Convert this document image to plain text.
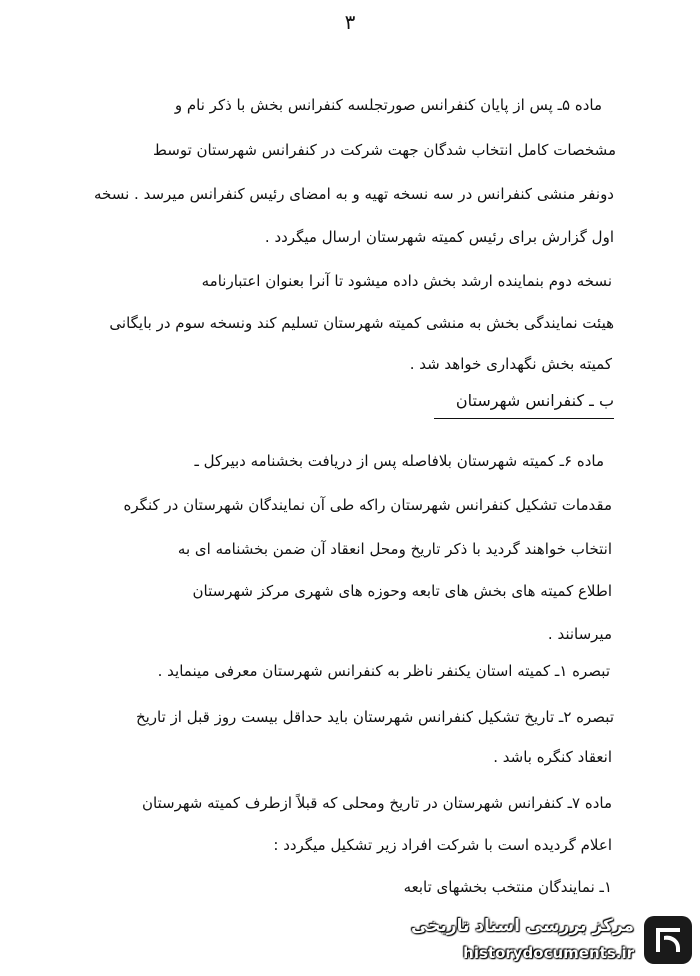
٣
ماده ۵ـ پس از پایان کنفرانس صورتجلسه کنفرانس بخش با ذکر نام و
مشخصات کامل انتخاب شدگان جهت شرکت در کنفرانس شهرستان توسط
دونفر منشی کنفرانس در سه نسخه تهیه و به امضای رئیس کنفرانس میرسد . نسخه
اول گزارش برای رئیس کمیته شهرستان ارسال میگردد .
نسخه دوم بنماینده ارشد بخش داده میشود تا آنرا بعنوان اعتبارنامه
هیئت نمایندگی بخش به منشی کمیته شهرستان تسلیم کند ونسخه سوم در بایگانی
کمیته بخش نگهداری خواهد شد .
ب ـ کنفرانس شهرستان
ماده ۶ـ کمیته شهرستان بلافاصله پس از دریافت بخشنامه دبیرکل ـ
مقدمات تشکیل کنفرانس شهرستان راکه طی آن نمایندگان شهرستان در کنگره
انتخاب خواهند گردید با ذکر تاریخ ومحل انعقاد آن ضمن بخشنامه ای به
اطلاع کمیته های بخش های تابعه وحوزه های شهری مرکز شهرستان
میرسانند .
تبصره ۱ـ کمیته استان یکنفر ناظر به کنفرانس شهرستان معرفی مینماید .
تبصره ۲ـ تاریخ تشکیل کنفرانس شهرستان باید حداقل بیست روز قبل از تاریخ
انعقاد کنگره باشد .
ماده ۷ـ کنفرانس شهرستان در تاریخ ومحلی که قبلاً ازطرف کمیته شهرستان
اعلام گردیده است با شرکت افراد زیر تشکیل میگردد :
۱ـ نمایندگان منتخب بخشهای تابعه
مرکز بررسی اسناد تاریخی
historydocuments.ir
